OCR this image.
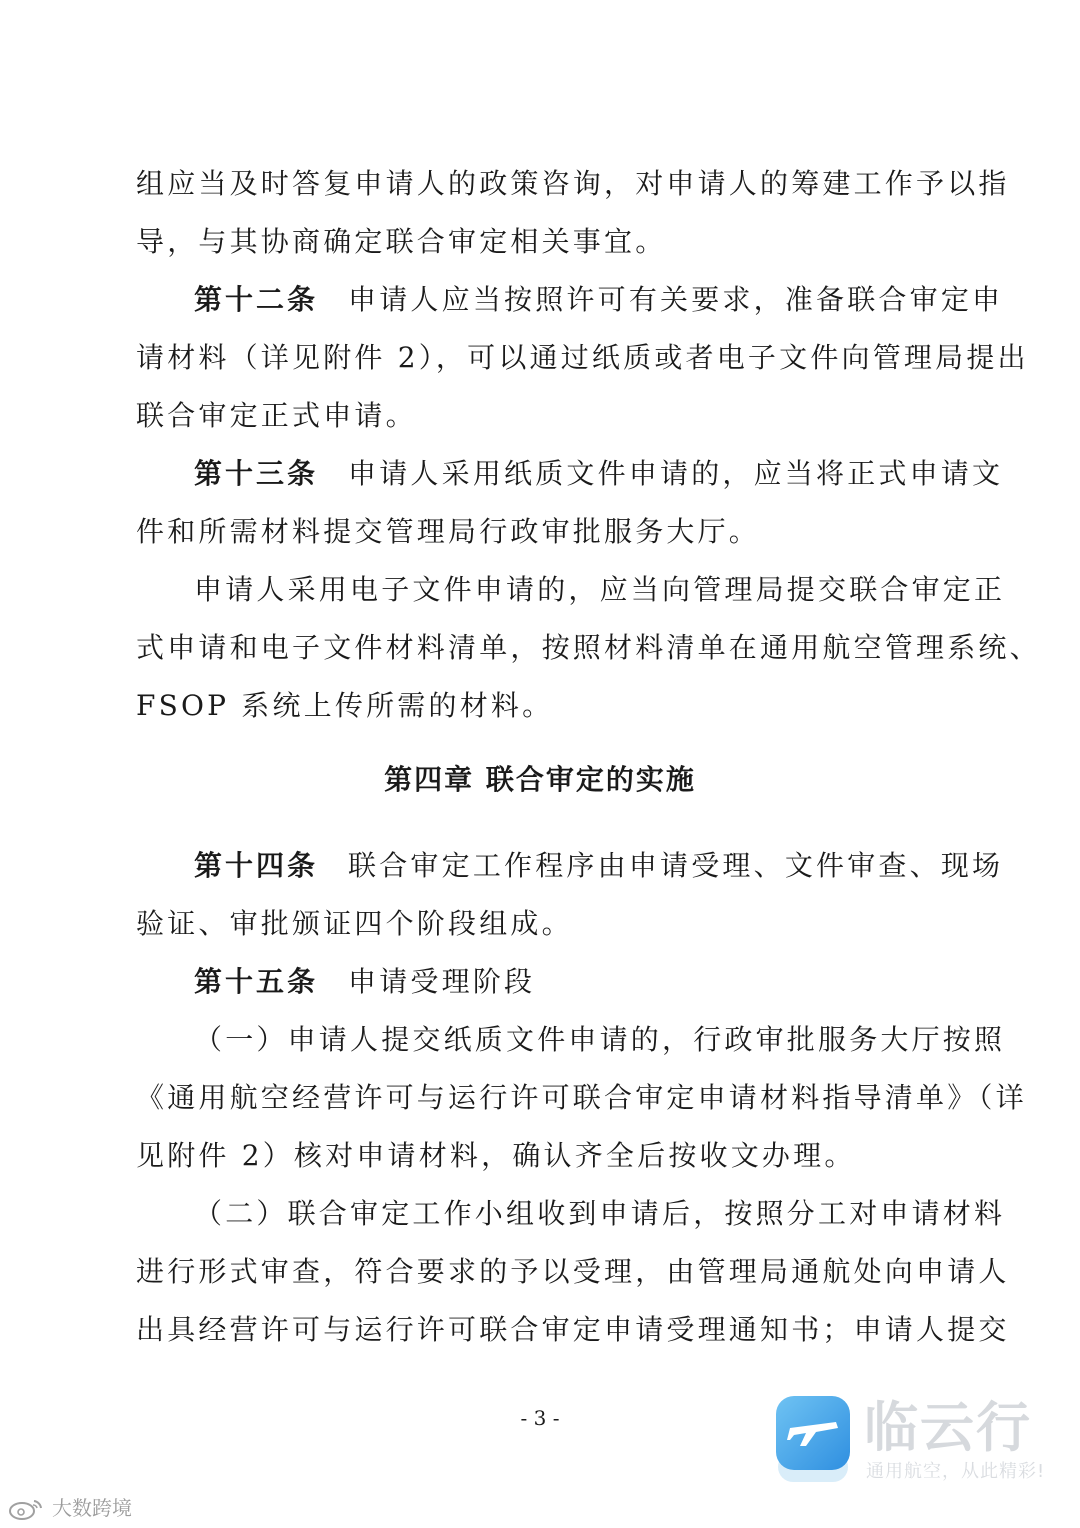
组应当及时答复申请人的政策咨询，对申请人的筹建工作予以指
导，与其协商确定联合审定相关事宜。
第十二条 申请人应当按照许可有关要求，准备联合审定申
请材料（详见附件 2），可以通过纸质或者电子文件向管理局提出
联合审定正式申请。
第十三条 申请人采用纸质文件申请的，应当将正式申请文
件和所需材料提交管理局行政审批服务大厅。
申请人采用电子文件申请的，应当向管理局提交联合审定正
式申请和电子文件材料清单，按照材料清单在通用航空管理系统、
FSOP 系统上传所需的材料。
第四章 联合审定的实施
第十四条 联合审定工作程序由申请受理、文件审查、现场
验证、审批颁证四个阶段组成。
第十五条 申请受理阶段
（一）申请人提交纸质文件申请的，行政审批服务大厅按照
《通用航空经营许可与运行许可联合审定申请材料指导清单》（详
见附件 2）核对申请材料，确认齐全后按收文办理。
（二）联合审定工作小组收到申请后，按照分工对申请材料
进行形式审查，符合要求的予以受理，由管理局通航处向申请人
出具经营许可与运行许可联合审定申请受理通知书；申请人提交
- 3 -	临云行
通用航空，从此精彩!
大数跨境
